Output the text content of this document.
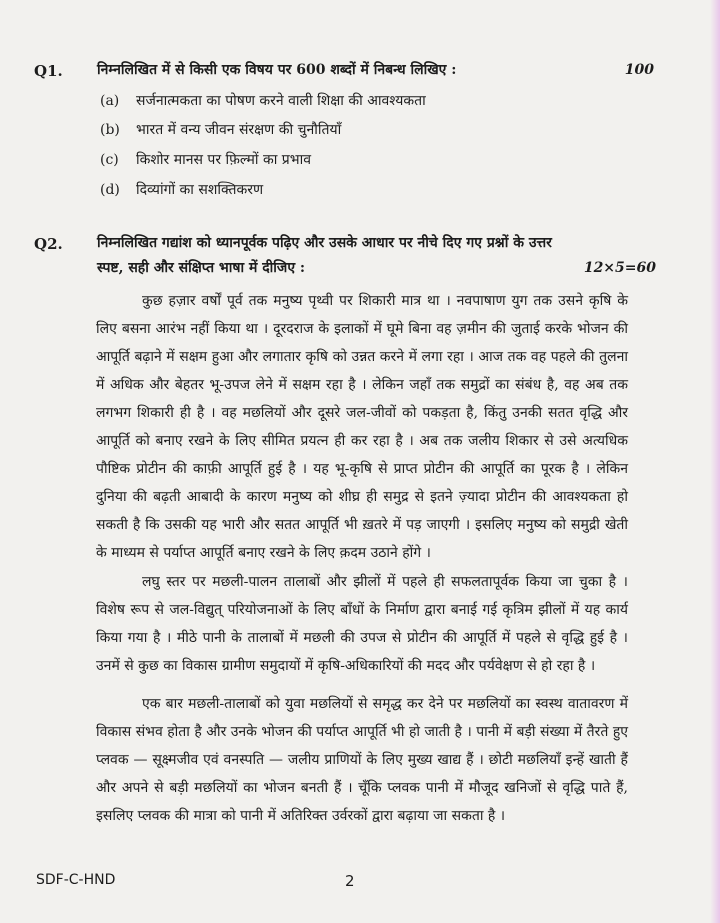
Q1. निम्नलिखित में से किसी एक विषय पर 600 शब्दों में निबन्ध लिखिए :	100
(a) सर्जनात्मकता का पोषण करने वाली शिक्षा की आवश्यकता
(b) भारत में वन्य जीवन संरक्षण की चुनौतियाँ
(c) किशोर मानस पर फ़िल्मों का प्रभाव
(d) दिव्यांगों का सशक्तिकरण
Q2. निम्नलिखित गद्यांश को ध्यानपूर्वक पढ़िए और उसके आधार पर नीचे दिए गए प्रश्नों के उत्तर
स्पष्ट, सही और संक्षिप्त भाषा में दीजिए :	12×5=60

कुछ हज़ार वर्षों पूर्व तक मनुष्य पृथ्वी पर शिकारी मात्र था । नवपाषाण युग तक उसने कृषि के लिए बसना आरंभ नहीं किया था । दूरदराज के इलाकों में घूमे बिना वह ज़मीन की जुताई करके भोजन की आपूर्ति बढ़ाने में सक्षम हुआ और लगातार कृषि को उन्नत करने में लगा रहा । आज तक वह पहले की तुलना में अधिक और बेहतर भू-उपज लेने में सक्षम रहा है । लेकिन जहाँ तक समुद्रों का संबंध है, वह अब तक लगभग शिकारी ही है । वह मछलियों और दूसरे जल-जीवों को पकड़ता है, किंतु उनकी सतत वृद्धि और आपूर्ति को बनाए रखने के लिए सीमित प्रयत्न ही कर रहा है । अब तक जलीय शिकार से उसे अत्यधिक पौष्टिक प्रोटीन की काफ़ी आपूर्ति हुई है । यह भू-कृषि से प्राप्त प्रोटीन की आपूर्ति का पूरक है । लेकिन दुनिया की बढ़ती आबादी के कारण मनुष्य को शीघ्र ही समुद्र से इतने ज़्यादा प्रोटीन की आवश्यकता हो सकती है कि उसकी यह भारी और सतत आपूर्ति भी ख़तरे में पड़ जाएगी । इसलिए मनुष्य को समुद्री खेती के माध्यम से पर्याप्त आपूर्ति बनाए रखने के लिए क़दम उठाने होंगे ।

लघु स्तर पर मछली-पालन तालाबों और झीलों में पहले ही सफलतापूर्वक किया जा चुका है । विशेष रूप से जल-विद्युत् परियोजनाओं के लिए बाँधों के निर्माण द्वारा बनाई गई कृत्रिम झीलों में यह कार्य किया गया है । मीठे पानी के तालाबों में मछली की उपज से प्रोटीन की आपूर्ति में पहले से वृद्धि हुई है । उनमें से कुछ का विकास ग्रामीण समुदायों में कृषि-अधिकारियों की मदद और पर्यवेक्षण से हो रहा है ।

एक बार मछली-तालाबों को युवा मछलियों से समृद्ध कर देने पर मछलियों का स्वस्थ वातावरण में विकास संभव होता है और उनके भोजन की पर्याप्त आपूर्ति भी हो जाती है । पानी में बड़ी संख्या में तैरते हुए प्लवक — सूक्ष्मजीव एवं वनस्पति — जलीय प्राणियों के लिए मुख्य खाद्य हैं । छोटी मछलियाँ इन्हें खाती हैं और अपने से बड़ी मछलियों का भोजन बनती हैं । चूँकि प्लवक पानी में मौजूद खनिजों से वृद्धि पाते हैं, इसलिए प्लवक की मात्रा को पानी में अतिरिक्त उर्वरकों द्वारा बढ़ाया जा सकता है ।

SDF-C-HND	2
